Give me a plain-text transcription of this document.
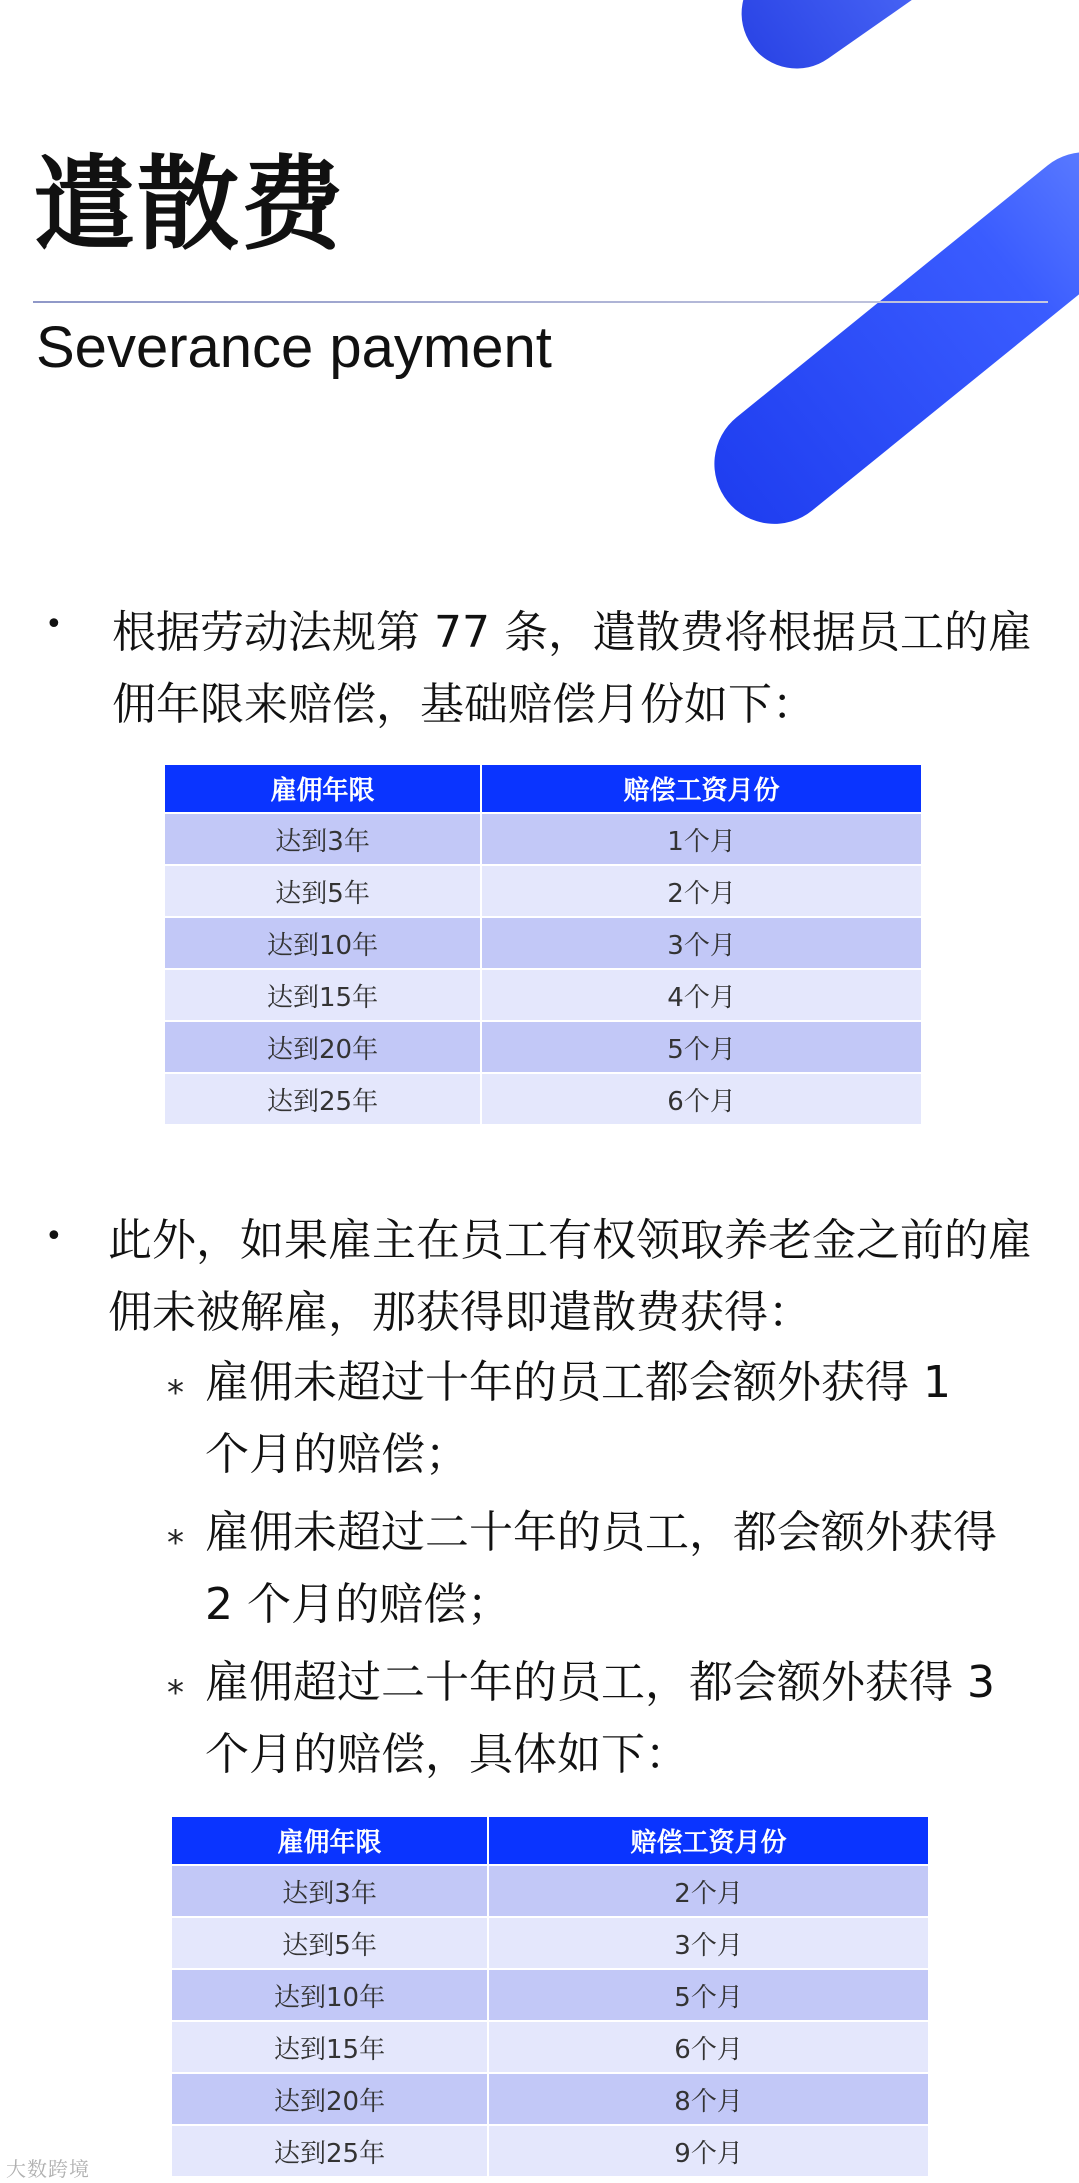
遣散费
Severance payment
• 根据劳动法规第 77 条，遣散费将根据员工的雇佣年限来赔偿，基础赔偿月份如下：

雇佣年限	赔偿工资月份
达到3年	1个月
达到5年	2个月
达到10年	3个月
达到15年	4个月
达到20年	5个月
达到25年	6个月
• 此外，如果雇主在员工有权领取养老金之前的雇佣未被解雇，那获得即遣散费获得：

* 雇佣未超过十年的员工都会额外获得 1 个月的赔偿；

* 雇佣未超过二十年的员工，都会额外获得 2 个月的赔偿；

* 雇佣超过二十年的员工，都会额外获得 3 个月的赔偿，具体如下：

雇佣年限	赔偿工资月份
达到3年	2个月
达到5年	3个月
达到10年	5个月
达到15年	6个月
达到20年	8个月
达到25年	9个月
大数跨境
